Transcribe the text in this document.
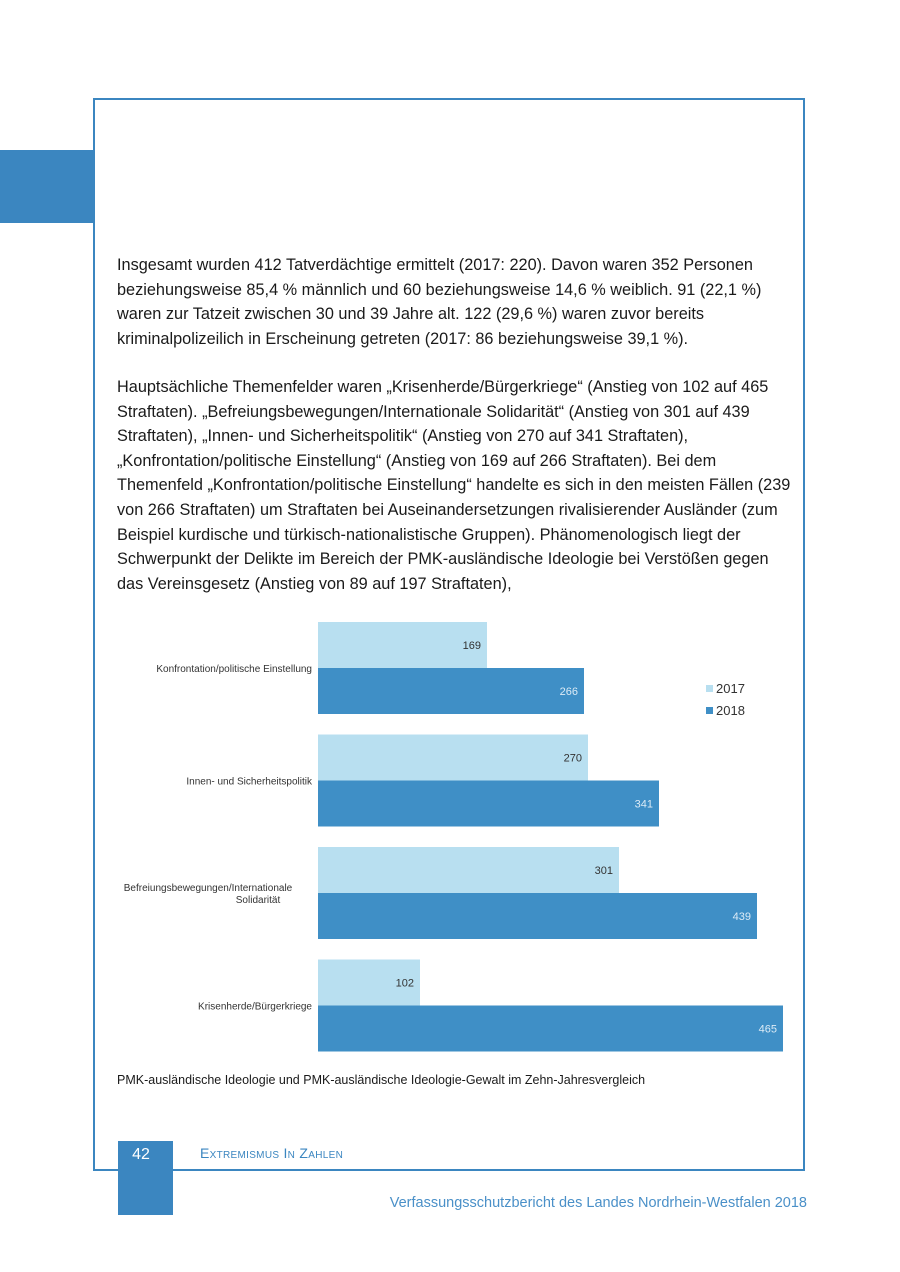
Insgesamt wurden 412 Tatverdächtige ermittelt (2017: 220). Davon waren 352 Personen beziehungsweise 85,4 % männlich und 60 beziehungsweise 14,6 % weiblich. 91 (22,1 %) waren zur Tatzeit zwischen 30 und 39 Jahre alt. 122 (29,6 %) waren zuvor bereits kriminalpolizeilich in Erscheinung getreten (2017: 86 beziehungsweise 39,1 %).

Hauptsächliche Themenfelder waren „Krisenherde/Bürgerkriege“ (Anstieg von 102 auf 465 Straftaten). „Befreiungsbewegungen/Internationale Solidarität“ (Anstieg von 301 auf 439 Straftaten), „Innen- und Sicherheitspolitik“ (Anstieg von 270 auf 341 Straftaten), „Konfrontation/politische Einstellung“ (Anstieg von 169 auf 266 Straftaten). Bei dem Themenfeld „Konfrontation/politische Einstellung“ handelte es sich in den meisten Fällen (239 von 266 Straftaten) um Straftaten bei Auseinandersetzungen rivalisierender Ausländer (zum Beispiel kurdische und türkisch-nationalistische Gruppen). Phänomenologisch liegt der Schwerpunkt der Delikte im Bereich der PMK-ausländische Ideologie bei Verstößen gegen das Vereinsgesetz (Anstieg von 89 auf 197 Straftaten),

169
266
Konfrontation/politische Einstellung
270
341
Innen- und Sicherheitspolitik
301
439
Befreiungsbewegungen/Internationale
Solidarität
102
465
Krisenherde/Bürgerkriege
2017
2018
PMK-ausländische Ideologie und PMK-ausländische Ideologie-Gewalt im Zehn-Jahresvergleich
42	Extremismus In Zahlen
Verfassungsschutzbericht des Landes Nordrhein-Westfalen 2018
